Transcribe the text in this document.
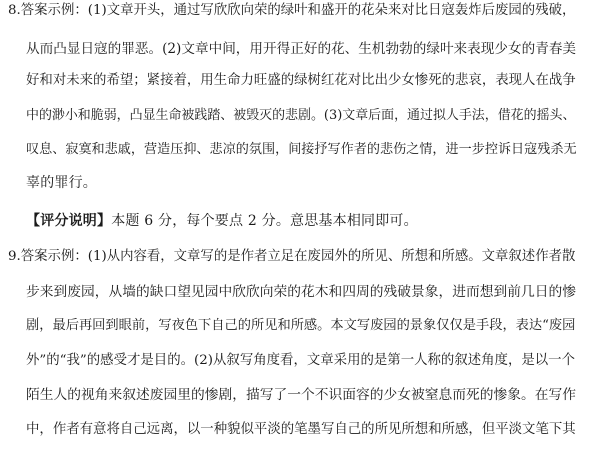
8.答案示例：(1)文章开头，通过写欣欣向荣的绿叶和盛开的花朵来对比日寇轰炸后废园的残破，
从而凸显日寇的罪恶。(2)文章中间，用开得正好的花、生机勃勃的绿叶来表现少女的青春美
好和对未来的希望；紧接着，用生命力旺盛的绿树红花对比出少女惨死的悲哀，表现人在战争
中的渺小和脆弱，凸显生命被践踏、被毁灭的悲剧。(3)文章后面，通过拟人手法，借花的摇头、
叹息、寂寞和悲戚，营造压抑、悲凉的氛围，间接抒写作者的悲伤之情，进一步控诉日寇残杀无
辜的罪行。
【评分说明】本题 6 分，每个要点 2 分。意思基本相同即可。
9.答案示例：(1)从内容看，文章写的是作者立足在废园外的所见、所想和所感。文章叙述作者散
步来到废园，从墙的缺口望见园中欣欣向荣的花木和四周的残破景象，进而想到前几日的惨
剧，最后再回到眼前，写夜色下自己的所见和所感。本文写废园的景象仅仅是手段，表达“废园
外”的“我”的感受才是目的。(2)从叙写角度看，文章采用的是第一人称的叙述角度，是以一个
陌生人的视角来叙述废园里的惨剧，描写了一个不识面容的少女被窒息而死的惨象。在写作
中，作者有意将自己远离，以一种貌似平淡的笔墨写自己的所见所想和所感，但平淡文笔下其
